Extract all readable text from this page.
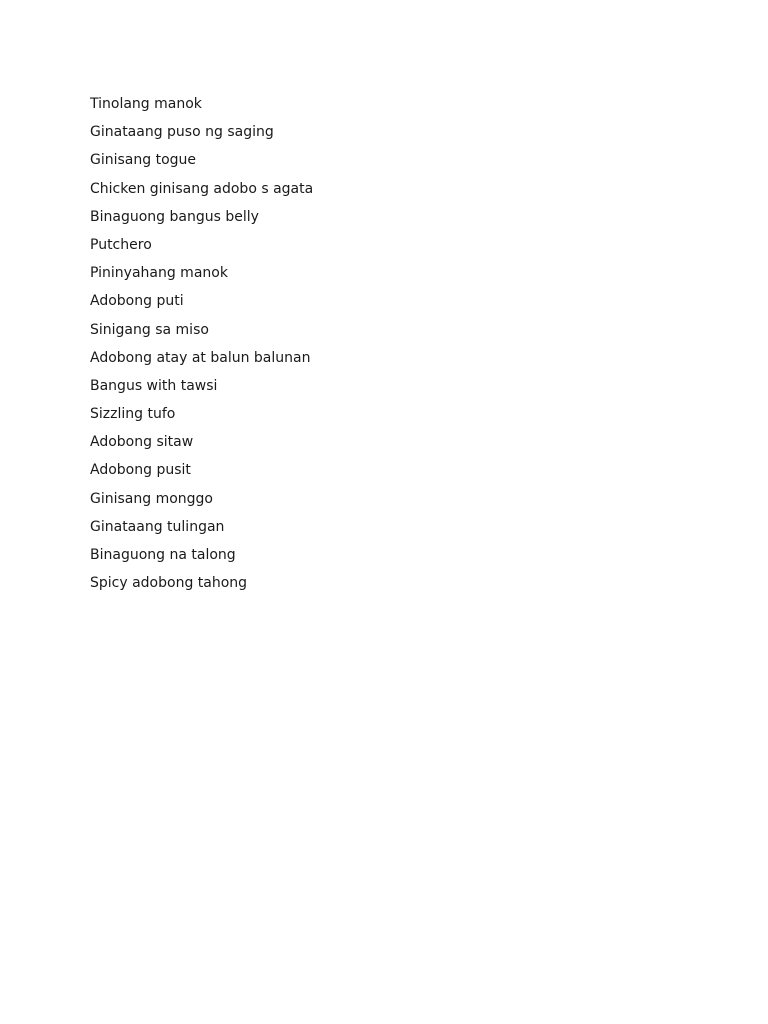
Tinolang manok
Ginataang puso ng saging
Ginisang togue
Chicken ginisang adobo s agata
Binaguong bangus belly
Putchero
Pininyahang manok
Adobong puti
Sinigang sa miso
Adobong atay at balun balunan
Bangus with tawsi
Sizzling tufo
Adobong sitaw
Adobong pusit
Ginisang monggo
Ginataang tulingan
Binaguong na talong
Spicy adobong tahong
